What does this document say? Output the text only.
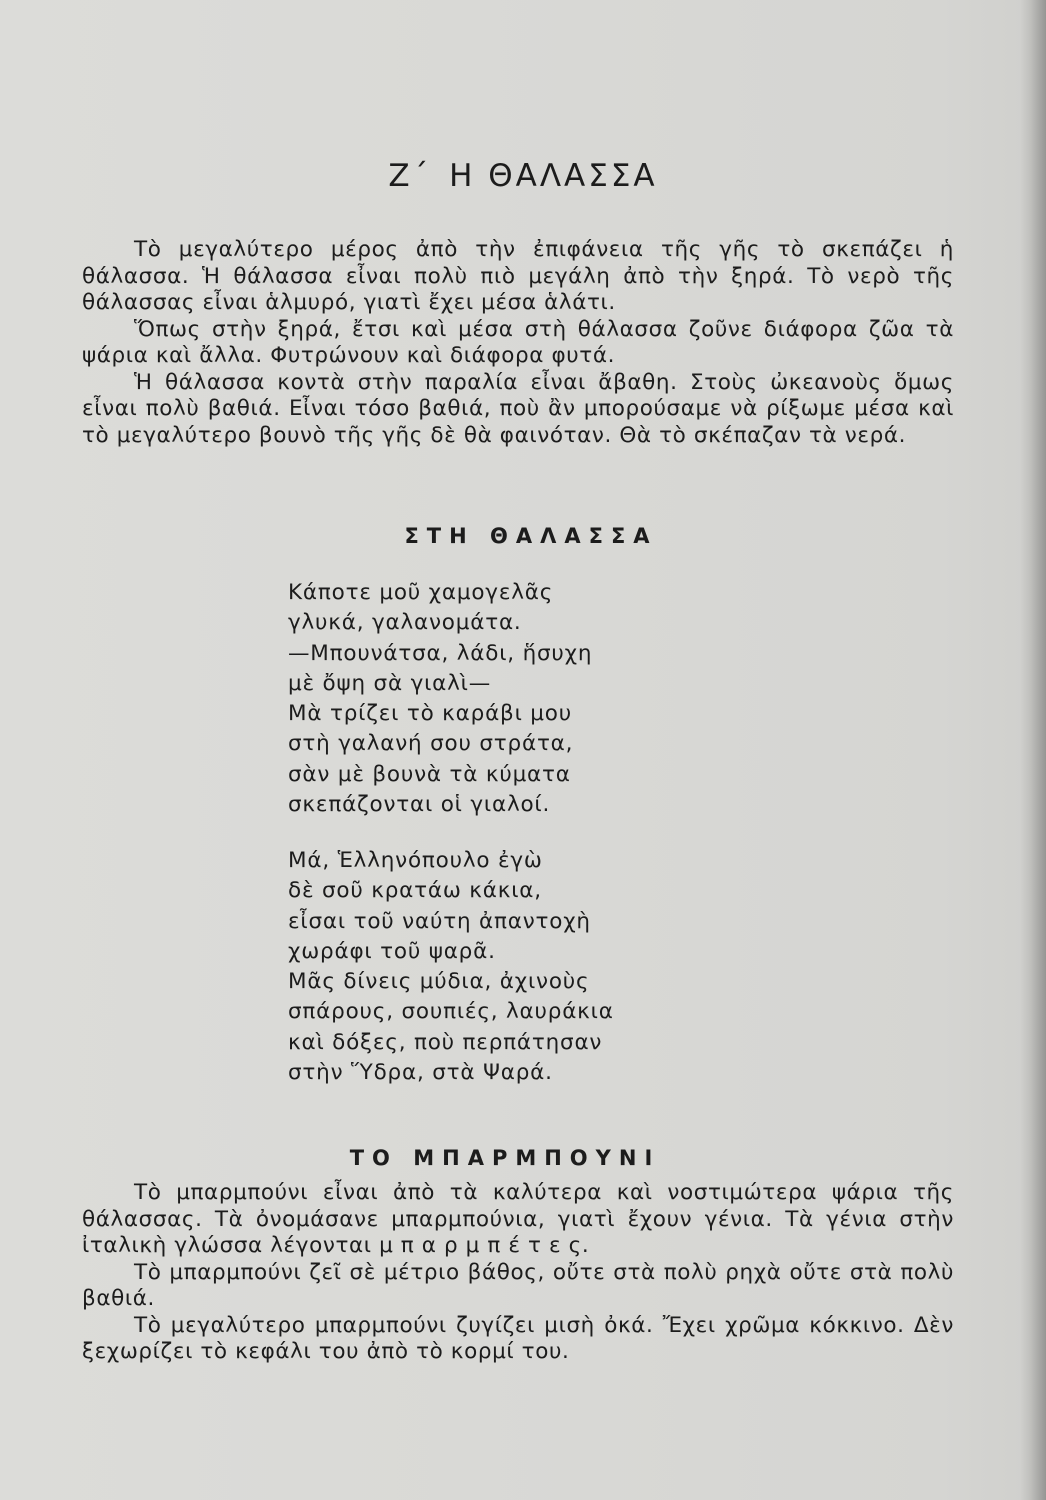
Ζ΄ Η ΘΑΛΑΣΣΑ

Τὸ μεγαλύτερο μέρος ἀπὸ τὴν ἐπιφάνεια τῆς γῆς τὸ σκεπάζει ἡ θάλασσα. Ἡ θάλασσα εἶναι πολὺ πιὸ μεγάλη ἀπὸ τὴν ξηρά. Τὸ νερὸ τῆς θάλασσας εἶναι ἁλμυρό, γιατὶ ἔχει μέσα ἁλάτι.

Ὅπως στὴν ξηρά, ἔτσι καὶ μέσα στὴ θάλασσα ζοῦνε διάφορα ζῶα τὰ ψάρια καὶ ἄλλα. Φυτρώνουν καὶ διάφορα φυτά.

Ἡ θάλασσα κοντὰ στὴν παραλία εἶναι ἄβαθη. Στοὺς ὠκεανοὺς ὅμως εἶναι πολὺ βαθιά. Εἶναι τόσο βαθιά, ποὺ ἂν μπορούσαμε νὰ ρίξωμε μέσα καὶ τὸ μεγαλύτερο βουνὸ τῆς γῆς δὲ θὰ φαινόταν. Θὰ τὸ σκέπαζαν τὰ νερά.

ΣΤΗ ΘΑΛΑΣΣΑ
Κάποτε μοῦ χαμογελᾶς
γλυκά, γαλανομάτα.
—Μπουνάτσα, λάδι, ἥσυχη
μὲ ὄψη σὰ γιαλὶ—
Μὰ τρίζει τὸ καράβι μου
στὴ γαλανή σου στράτα,
σὰν μὲ βουνὰ τὰ κύματα
σκεπάζονται οἱ γιαλοί.
Μά, Ἑλληνόπουλο ἐγὼ
δὲ σοῦ κρατάω κάκια,
εἶσαι τοῦ ναύτη ἀπαντοχὴ
χωράφι τοῦ ψαρᾶ.
Μᾶς δίνεις μύδια, ἀχινοὺς
σπάρους, σουπιές, λαυράκια
καὶ δόξες, ποὺ περπάτησαν
στὴν Ὕδρα, στὰ Ψαρά.
ΤΟ ΜΠΑΡΜΠΟΥΝΙ

Τὸ μπαρμπούνι εἶναι ἀπὸ τὰ καλύτερα καὶ νοστιμώτερα ψάρια τῆς θάλασσας. Τὰ ὀνομάσανε μπαρμπούνια, γιατὶ ἔχουν γένια. Τὰ γένια στὴν ἰταλικὴ γλώσσα λέγονται μ π α ρ μ π έ τ ε ς.

Τὸ μπαρμπούνι ζεῖ σὲ μέτριο βάθος, οὔτε στὰ πολὺ ρηχὰ οὔτε στὰ πολὺ βαθιά.

Τὸ μεγαλύτερο μπαρμπούνι ζυγίζει μισὴ ὀκά. Ἔχει χρῶμα κόκκινο. Δὲν ξεχωρίζει τὸ κεφάλι του ἀπὸ τὸ κορμί του.
